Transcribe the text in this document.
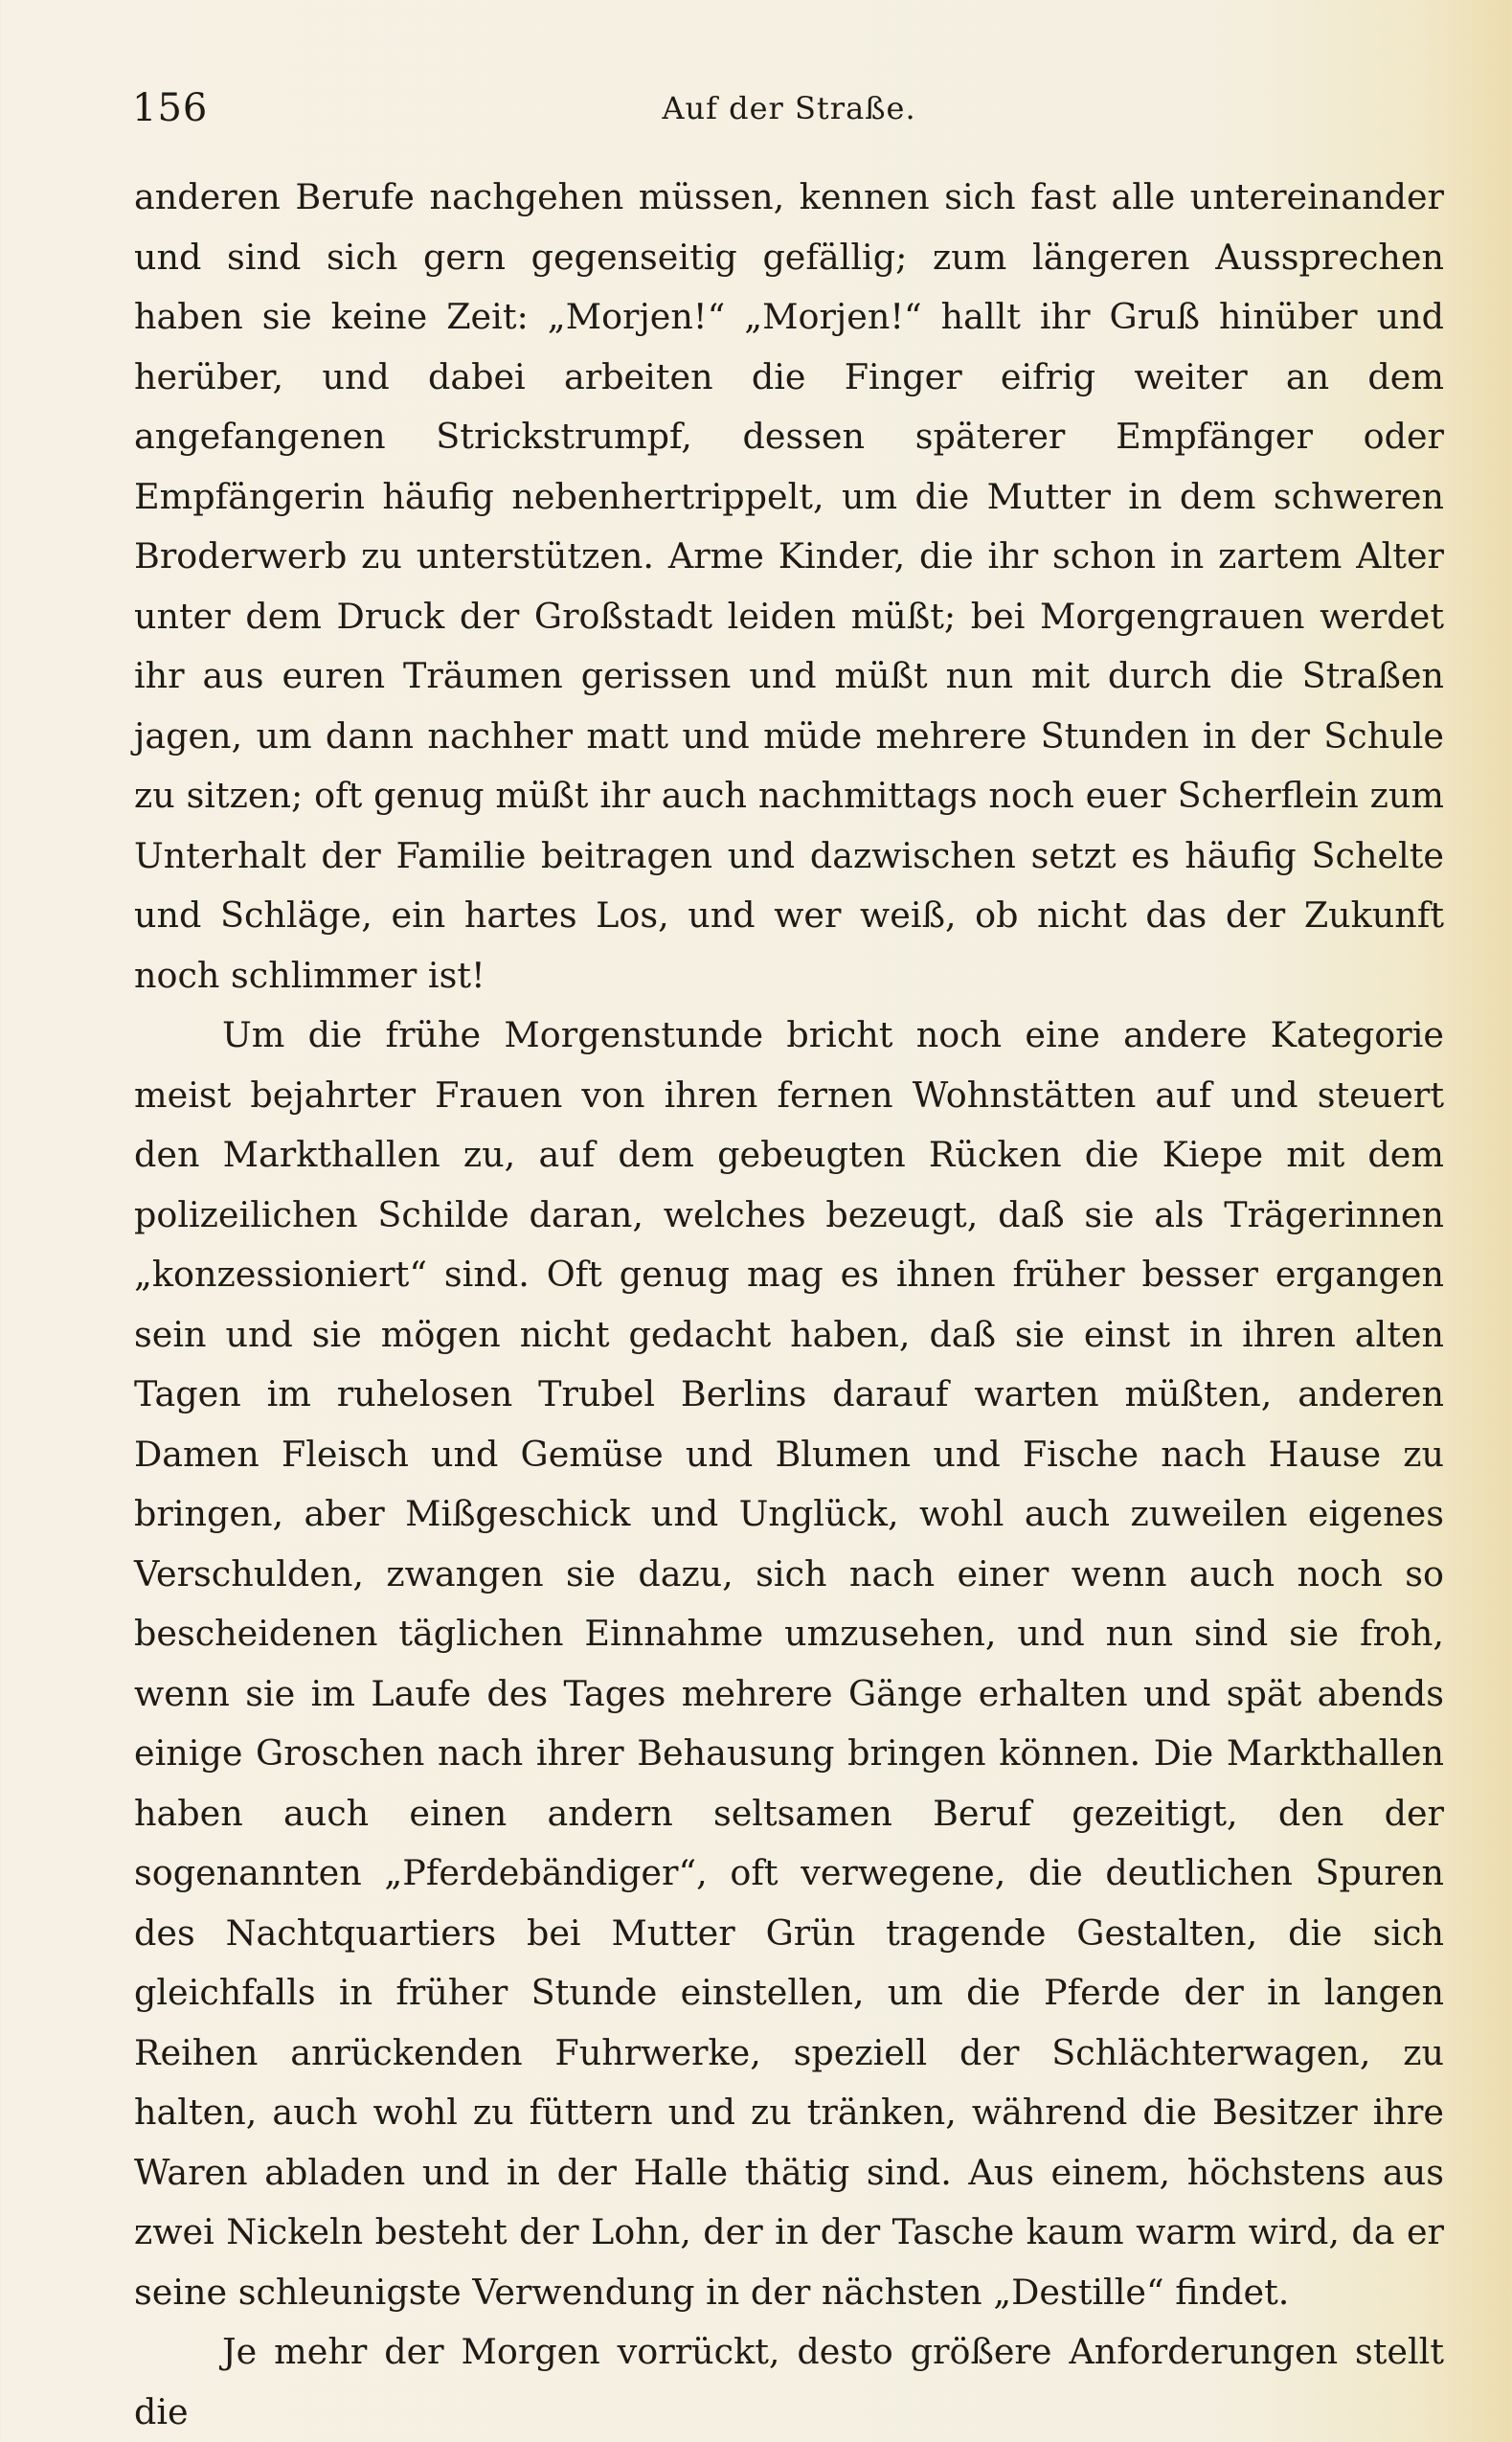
156	Auf der Straße.

anderen Berufe nachgehen müssen, kennen sich fast alle untereinander und sind sich gern gegenseitig gefällig; zum längeren Aussprechen haben sie keine Zeit: „Morjen!“ „Morjen!“ hallt ihr Gruß hinüber und herüber, und dabei arbeiten die Finger eifrig weiter an dem angefangenen Strickstrumpf, dessen späterer Empfänger oder Empfängerin häufig nebenhertrippelt, um die Mutter in dem schweren Broderwerb zu unterstützen. Arme Kinder, die ihr schon in zartem Alter unter dem Druck der Großstadt leiden müßt; bei Morgengrauen werdet ihr aus euren Träumen gerissen und müßt nun mit durch die Straßen jagen, um dann nachher matt und müde mehrere Stunden in der Schule zu sitzen; oft genug müßt ihr auch nachmittags noch euer Scherflein zum Unterhalt der Familie beitragen und dazwischen setzt es häufig Schelte und Schläge, ein hartes Los, und wer weiß, ob nicht das der Zukunft noch schlimmer ist!

Um die frühe Morgenstunde bricht noch eine andere Kategorie meist bejahrter Frauen von ihren fernen Wohnstätten auf und steuert den Markthallen zu, auf dem gebeugten Rücken die Kiepe mit dem polizeilichen Schilde daran, welches bezeugt, daß sie als Trägerinnen „konzessioniert“ sind. Oft genug mag es ihnen früher besser ergangen sein und sie mögen nicht gedacht haben, daß sie einst in ihren alten Tagen im ruhelosen Trubel Berlins darauf warten müßten, anderen Damen Fleisch und Gemüse und Blumen und Fische nach Hause zu bringen, aber Mißgeschick und Unglück, wohl auch zuweilen eigenes Verschulden, zwangen sie dazu, sich nach einer wenn auch noch so bescheidenen täglichen Einnahme umzusehen, und nun sind sie froh, wenn sie im Laufe des Tages mehrere Gänge erhalten und spät abends einige Groschen nach ihrer Behausung bringen können. Die Markthallen haben auch einen andern seltsamen Beruf gezeitigt, den der sogenannten „Pferdebändiger“, oft verwegene, die deutlichen Spuren des Nachtquartiers bei Mutter Grün tragende Gestalten, die sich gleichfalls in früher Stunde einstellen, um die Pferde der in langen Reihen anrückenden Fuhrwerke, speziell der Schlächterwagen, zu halten, auch wohl zu füttern und zu tränken, während die Besitzer ihre Waren abladen und in der Halle thätig sind. Aus einem, höchstens aus zwei Nickeln besteht der Lohn, der in der Tasche kaum warm wird, da er seine schleunigste Verwendung in der nächsten „Destille“ findet.

Je mehr der Morgen vorrückt, desto größere Anforderungen stellt die
